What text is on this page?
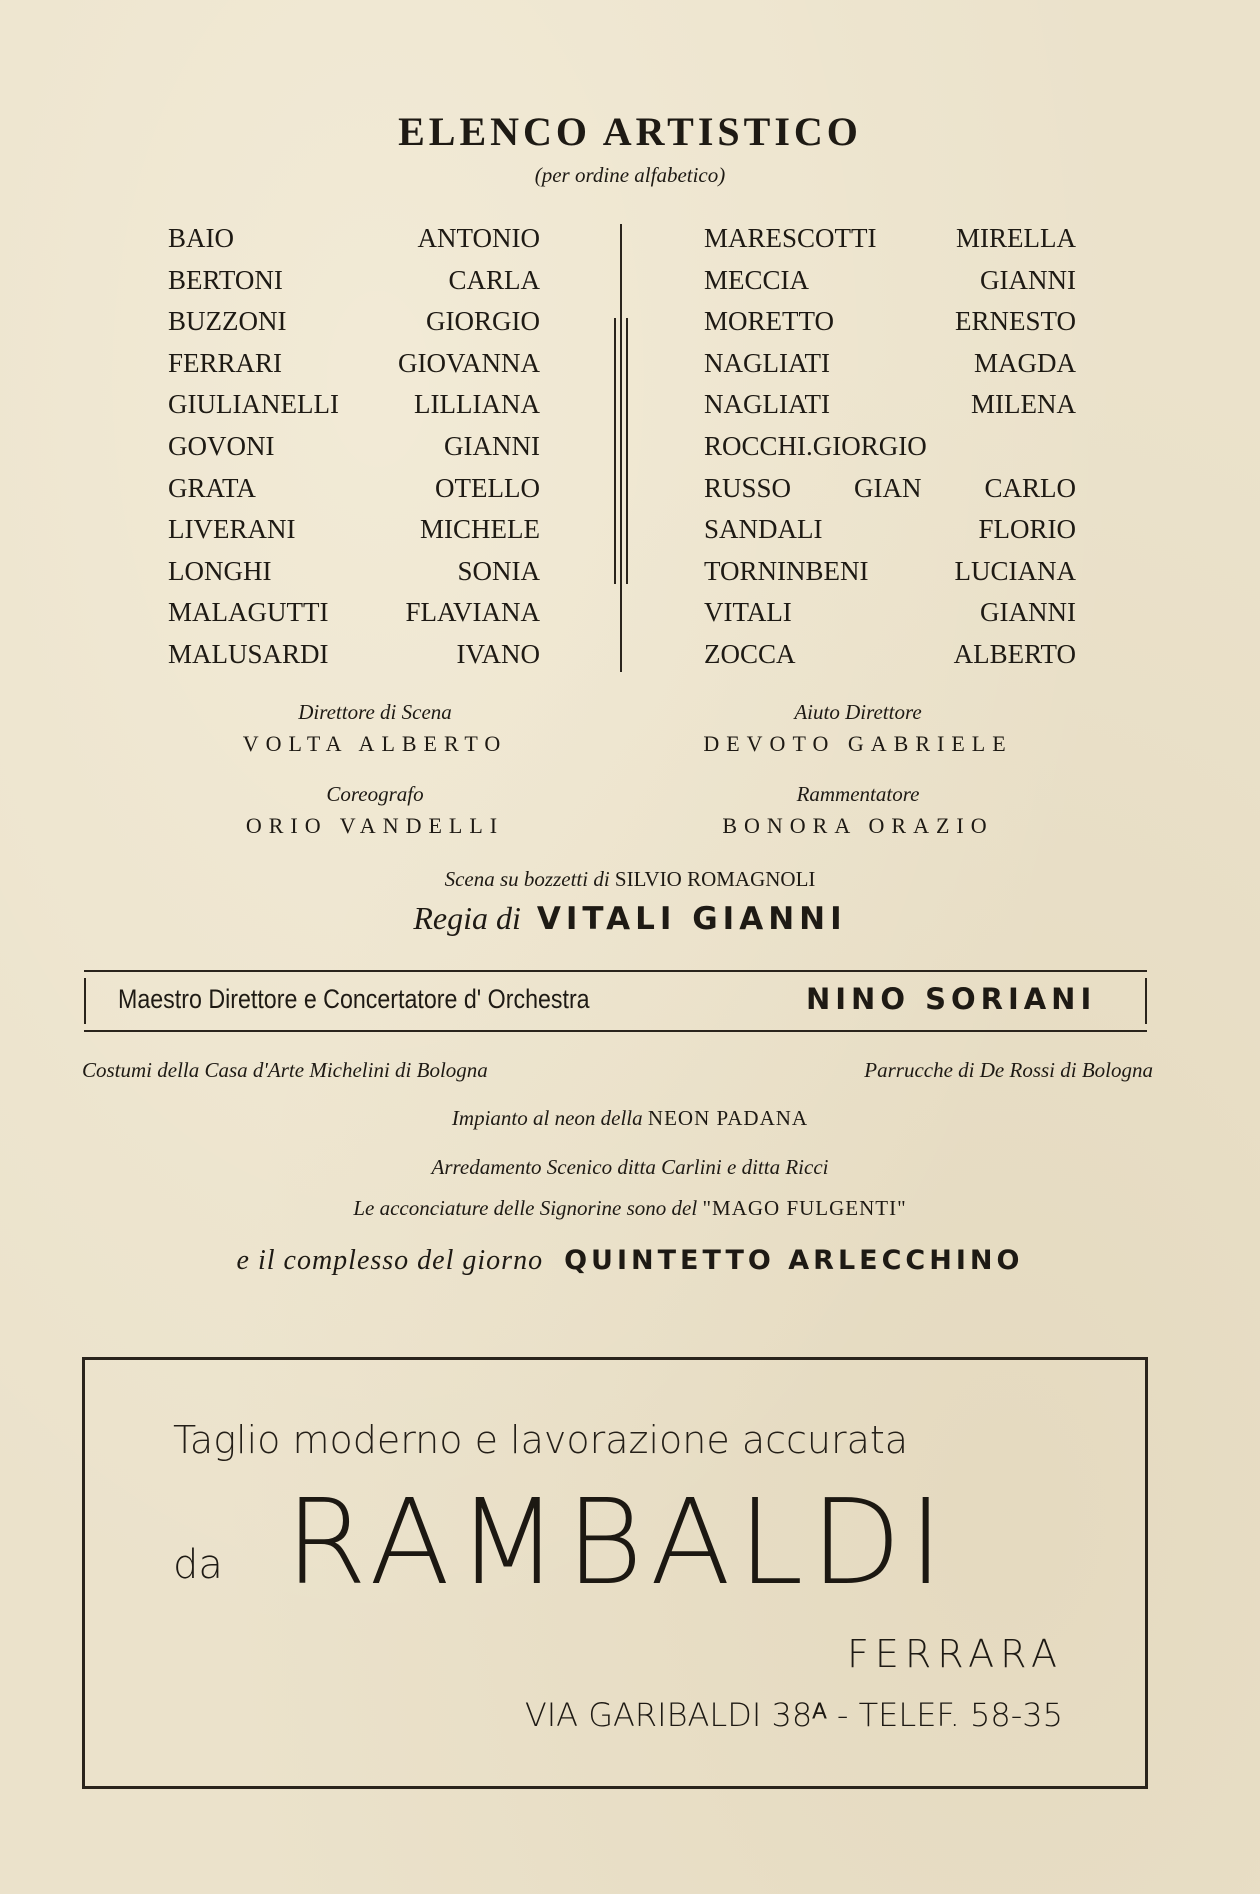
ELENCO ARTISTICO
(per ordine alfabetico)
BAIO ANTONIO
BERTONI CARLA
BUZZONI GIORGIO
FERRARI GIOVANNA
GIULIANELLI LILLIANA
GOVONI GIANNI
GRATA OTELLO
LIVERANI MICHELE
LONGHI SONIA
MALAGUTTI FLAVIANA
MALUSARDI IVANO
MARESCOTTI MIRELLA
MECCIA GIANNI
MORETTO ERNESTO
NAGLIATI MAGDA
NAGLIATI MILENA
ROCCHI.GIORGIO
RUSSO GIAN CARLO
SANDALI FLORIO
TORNINBENI LUCIANA
VITALI GIANNI
ZOCCA ALBERTO
Direttore di Scena
VOLTA ALBERTO
Aiuto Direttore
DEVOTO GABRIELE
Coreografo
ORIO VANDELLI
Rammentatore
BONORA ORAZIO
Scena su bozzetti di SILVIO ROMAGNOLI
Regia di VITALI GIANNI
Maestro Direttore e Concertatore d' Orchestra	NINO SORIANI
Costumi della Casa d'Arte Michelini di Bologna	Parrucche di De Rossi di Bologna
Impianto al neon della NEON PADANA
Arredamento Scenico ditta Carlini e ditta Ricci
Le acconciature delle Signorine sono del "MAGO FULGENTI"
e il complesso del giorno QUINTETTO ARLECCHINO
Taglio moderno e lavorazione accurata
da RAMBALDI
FERRARA
VIA GARIBALDI 38ᴬ - TELEF. 58-35
